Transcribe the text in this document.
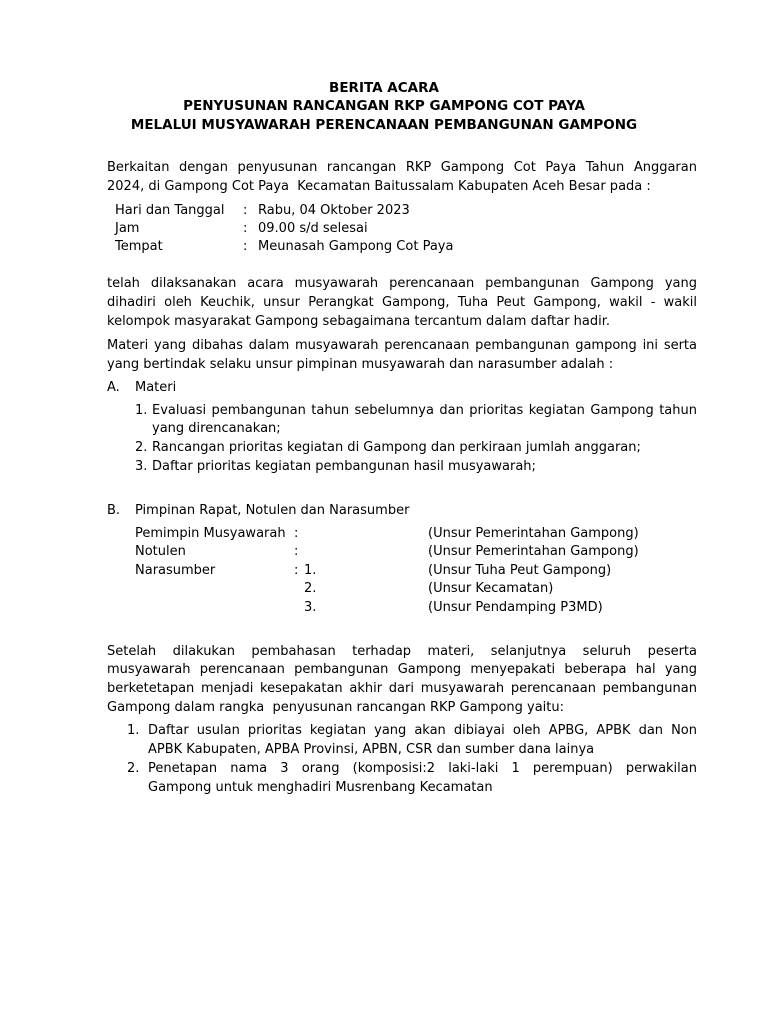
BERITA ACARA
PENYUSUNAN RANCANGAN RKP GAMPONG COT PAYA
MELALUI MUSYAWARAH PERENCANAAN PEMBANGUNAN GAMPONG
Berkaitan dengan penyusunan rancangan RKP Gampong Cot Paya Tahun Anggaran
2024, di Gampong Cot Paya  Kecamatan Baitussalam Kabupaten Aceh Besar pada :
Hari dan Tanggal : Rabu, 04 Oktober 2023
Jam	: 09.00 s/d selesai
Tempat	: Meunasah Gampong Cot Paya
telah dilaksanakan acara musyawarah perencanaan pembangunan Gampong yang
dihadiri oleh Keuchik, unsur Perangkat Gampong, Tuha Peut Gampong, wakil - wakil
kelompok masyarakat Gampong sebagaimana tercantum dalam daftar hadir.
Materi yang dibahas dalam musyawarah perencanaan pembangunan gampong ini serta
yang bertindak selaku unsur pimpinan musyawarah dan narasumber adalah :
A. Materi
1. Evaluasi pembangunan tahun sebelumnya dan prioritas kegiatan Gampong tahun
yang direncanakan;
2. Rancangan prioritas kegiatan di Gampong dan perkiraan jumlah anggaran;
3. Daftar prioritas kegiatan pembangunan hasil musyawarah;
B. Pimpinan Rapat, Notulen dan Narasumber
Pemimpin Musyawarah :	(Unsur Pemerintahan Gampong)
Notulen	:	(Unsur Pemerintahan Gampong)
Narasumber	: 1.	(Unsur Tuha Peut Gampong)
2.	(Unsur Kecamatan)
3.	(Unsur Pendamping P3MD)
Setelah dilakukan pembahasan terhadap materi, selanjutnya seluruh peserta
musyawarah perencanaan pembangunan Gampong menyepakati beberapa hal yang
berketetapan menjadi kesepakatan akhir dari musyawarah perencanaan pembangunan
Gampong dalam rangka  penyusunan rancangan RKP Gampong yaitu:
1. Daftar usulan prioritas kegiatan yang akan dibiayai oleh APBG, APBK dan Non
APBK Kabupaten, APBA Provinsi, APBN, CSR dan sumber dana lainya
2. Penetapan nama 3 orang (komposisi:2 laki-laki 1 perempuan) perwakilan
Gampong untuk menghadiri Musrenbang Kecamatan
